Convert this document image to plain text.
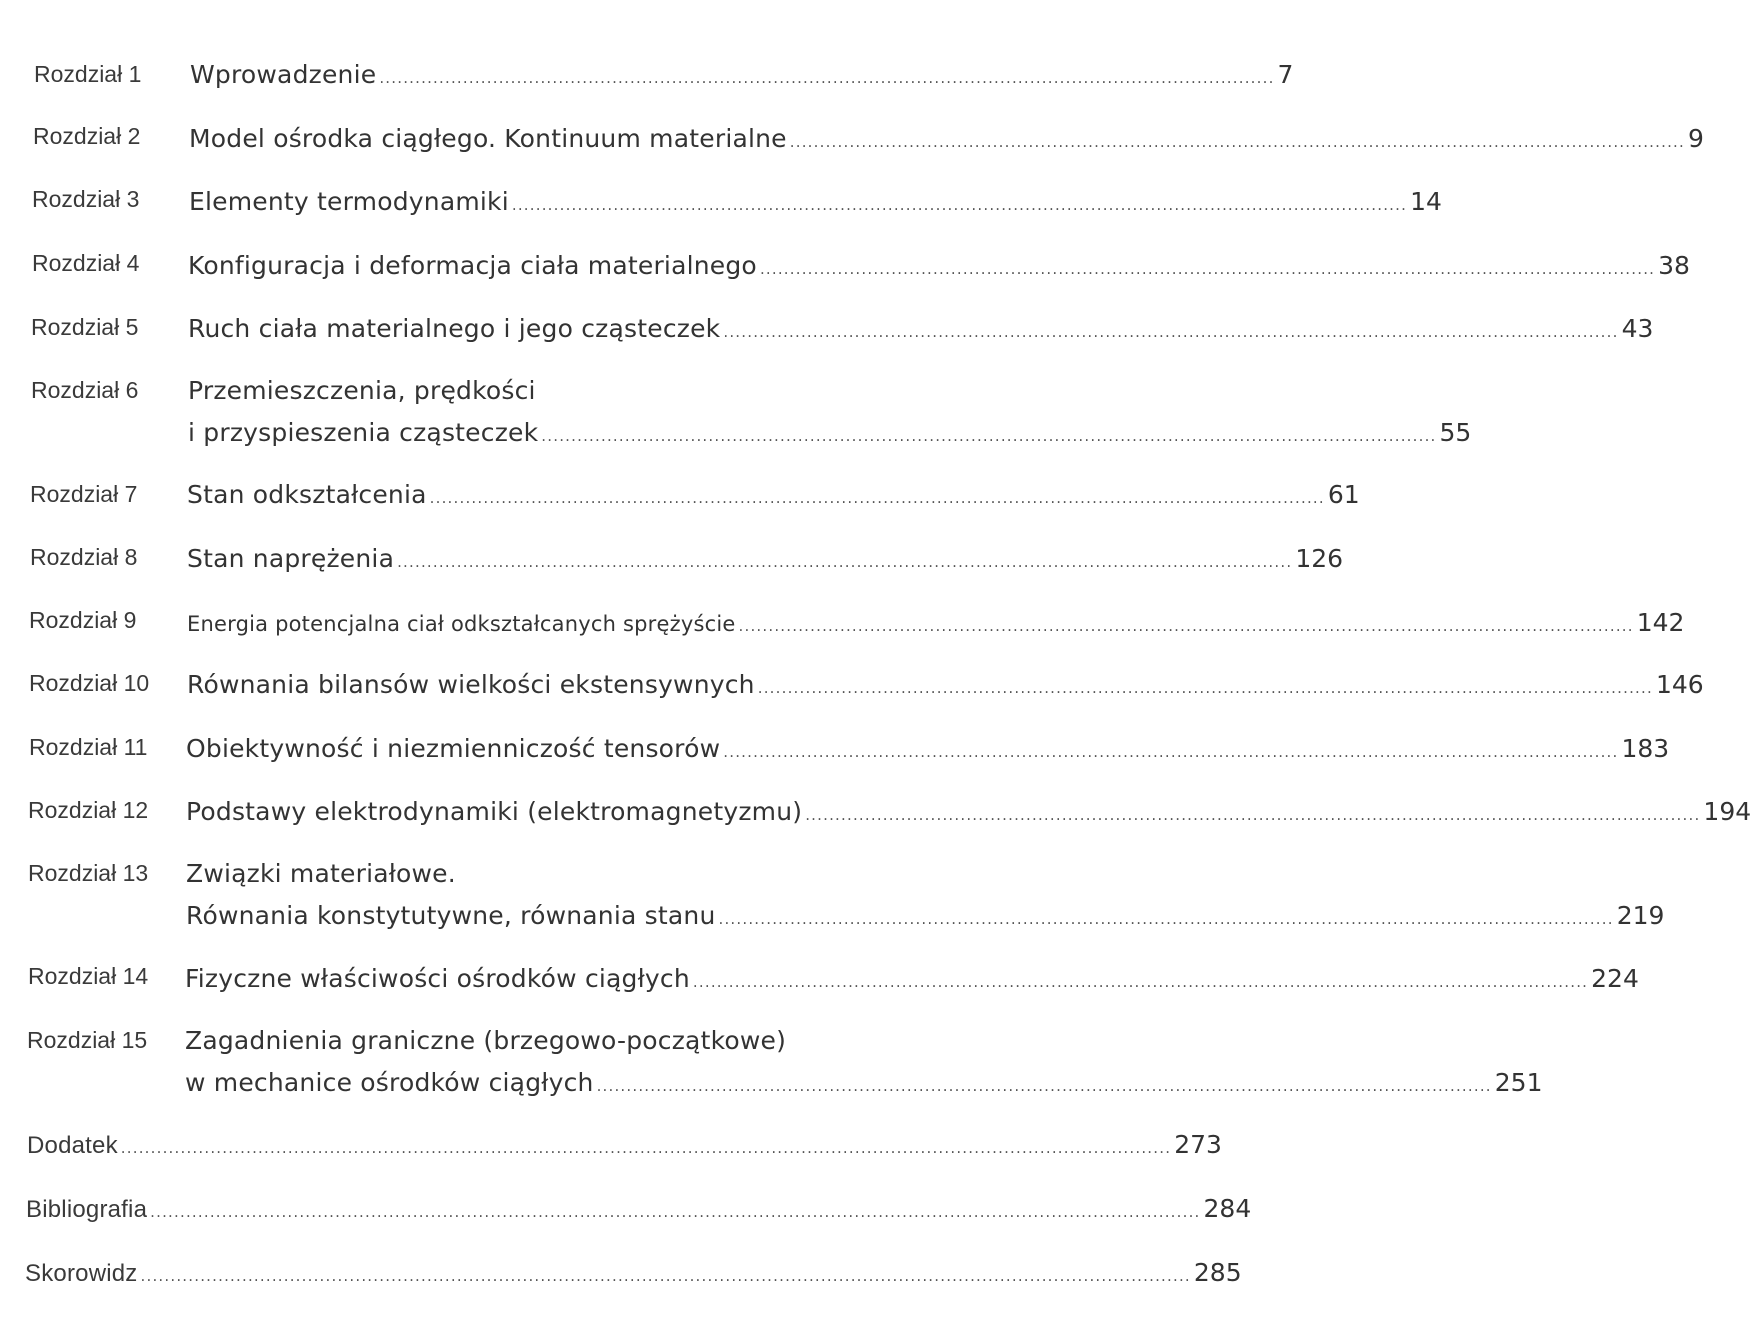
Rozdział 1 Wprowadzenie ...................................................................................................................................................... 7
Rozdział 2 Model ośrodka ciągłego. Kontinuum materialne ...................................................................................................................................................... 9
Rozdział 3 Elementy termodynamiki ...................................................................................................................................................... 14
Rozdział 4 Konfiguracja i deformacja ciała materialnego ...................................................................................................................................................... 38
Rozdział 5 Ruch ciała materialnego i jego cząsteczek ...................................................................................................................................................... 43
Rozdział 6 Przemieszczenia, prędkości
i przyspieszenia cząsteczek ...................................................................................................................................................... 55
Rozdział 7 Stan odkształcenia ...................................................................................................................................................... 61
Rozdział 8 Stan naprężenia ...................................................................................................................................................... 126
Rozdział 9 Energia potencjalna ciał odkształcanych sprężyście ...................................................................................................................................................... 142
Rozdział 10 Równania bilansów wielkości ekstensywnych ...................................................................................................................................................... 146
Rozdział 11 Obiektywność i niezmienniczość tensorów ...................................................................................................................................................... 183
Rozdział 12 Podstawy elektrodynamiki (elektromagnetyzmu) ...................................................................................................................................................... 194
Rozdział 13 Związki materiałowe.
Równania konstytutywne, równania stanu ...................................................................................................................................................... 219
Rozdział 14 Fizyczne właściwości ośrodków ciągłych ...................................................................................................................................................... 224
Rozdział 15 Zagadnienia graniczne (brzegowo-początkowe)
w mechanice ośrodków ciągłych ...................................................................................................................................................... 251
Dodatek ................................................................................................................................................................................ 273
Bibliografia ................................................................................................................................................................................ 284
Skorowidz ................................................................................................................................................................................ 285
